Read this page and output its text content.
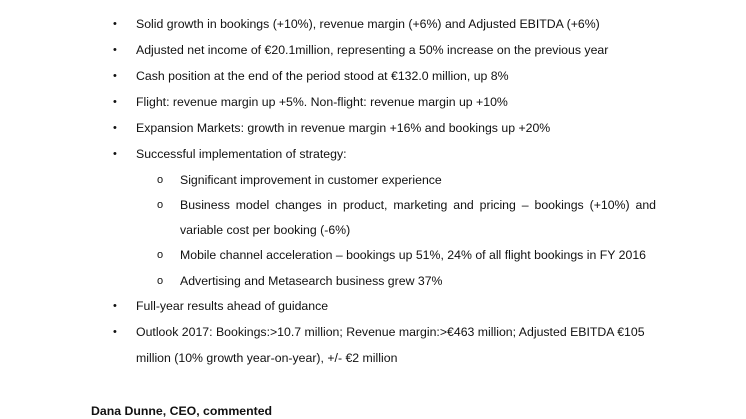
• Solid growth in bookings (+10%), revenue margin (+6%) and Adjusted EBITDA (+6%)
• Adjusted net income of €20.1million, representing a 50% increase on the previous year
• Cash position at the end of the period stood at €132.0 million, up 8%
• Flight: revenue margin up +5%. Non-flight: revenue margin up +10%
• Expansion Markets: growth in revenue margin +16% and bookings up +20%
• Successful implementation of strategy:
o Significant improvement in customer experience
o Business model changes in product, marketing and pricing – bookings (+10%) and
variable cost per booking (-6%)
o Mobile channel acceleration – bookings up 51%, 24% of all flight bookings in FY 2016
o Advertising and Metasearch business grew 37%
• Full-year results ahead of guidance
• Outlook 2017: Bookings:>10.7 million; Revenue margin:>€463 million; Adjusted EBITDA €105
million (10% growth year-on-year), +/- €2 million
Dana Dunne, CEO, commented
